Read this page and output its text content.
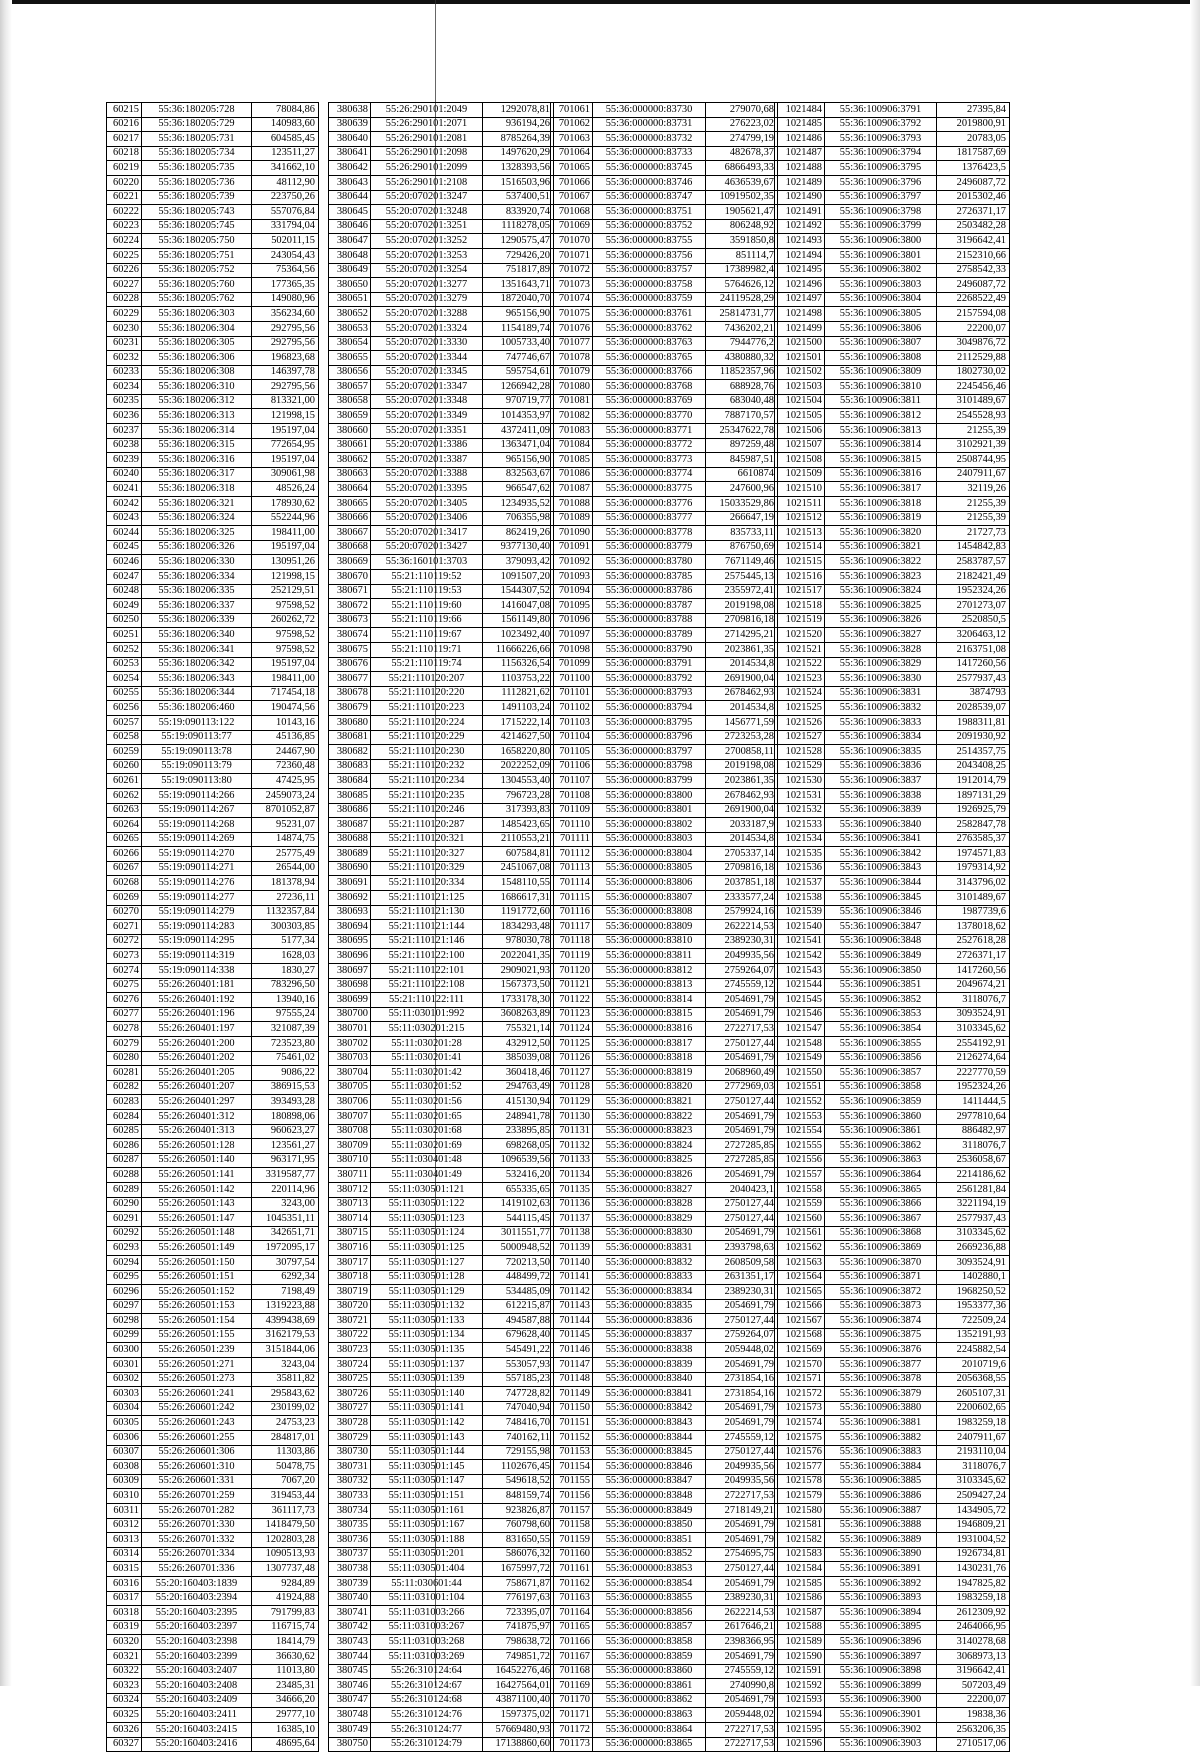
60215	55:36:180205:728	78084,86
60216	55:36:180205:729	140983,60
60217	55:36:180205:731	604585,45
60218	55:36:180205:734	123511,27
60219	55:36:180205:735	341662,10
60220	55:36:180205:736	48112,90
60221	55:36:180205:739	223750,26
60222	55:36:180205:743	557076,84
60223	55:36:180205:745	331794,04
60224	55:36:180205:750	502011,15
60225	55:36:180205:751	243054,43
60226	55:36:180205:752	75364,56
60227	55:36:180205:760	177365,35
60228	55:36:180205:762	149080,96
60229	55:36:180206:303	356234,60
60230	55:36:180206:304	292795,56
60231	55:36:180206:305	292795,56
60232	55:36:180206:306	196823,68
60233	55:36:180206:308	146397,78
60234	55:36:180206:310	292795,56
60235	55:36:180206:312	813321,00
60236	55:36:180206:313	121998,15
60237	55:36:180206:314	195197,04
60238	55:36:180206:315	772654,95
60239	55:36:180206:316	195197,04
60240	55:36:180206:317	309061,98
60241	55:36:180206:318	48526,24
60242	55:36:180206:321	178930,62
60243	55:36:180206:324	552244,96
60244	55:36:180206:325	198411,00
60245	55:36:180206:326	195197,04
60246	55:36:180206:330	130951,26
60247	55:36:180206:334	121998,15
60248	55:36:180206:335	252129,51
60249	55:36:180206:337	97598,52
60250	55:36:180206:339	260262,72
60251	55:36:180206:340	97598,52
60252	55:36:180206:341	97598,52
60253	55:36:180206:342	195197,04
60254	55:36:180206:343	198411,00
60255	55:36:180206:344	717454,18
60256	55:36:180206:460	190474,56
60257	55:19:090113:122	10143,16
60258	55:19:090113:77	45136,85
60259	55:19:090113:78	24467,90
60260	55:19:090113:79	72360,48
60261	55:19:090113:80	47425,95
60262	55:19:090114:266	2459073,24
60263	55:19:090114:267	8701052,87
60264	55:19:090114:268	95231,07
60265	55:19:090114:269	14874,75
60266	55:19:090114:270	25775,49
60267	55:19:090114:271	26544,00
60268	55:19:090114:276	181378,94
60269	55:19:090114:277	27236,11
60270	55:19:090114:279	1132357,84
60271	55:19:090114:283	300303,85
60272	55:19:090114:295	5177,34
60273	55:19:090114:319	1628,03
60274	55:19:090114:338	1830,27
60275	55:26:260401:181	783296,50
60276	55:26:260401:192	13940,16
60277	55:26:260401:196	97555,24
60278	55:26:260401:197	321087,39
60279	55:26:260401:200	723523,80
60280	55:26:260401:202	75461,02
60281	55:26:260401:205	9086,22
60282	55:26:260401:207	386915,53
60283	55:26:260401:297	393493,28
60284	55:26:260401:312	180898,06
60285	55:26:260401:313	960623,27
60286	55:26:260501:128	123561,27
60287	55:26:260501:140	963171,95
60288	55:26:260501:141	3319587,77
60289	55:26:260501:142	220114,96
60290	55:26:260501:143	3243,00
60291	55:26:260501:147	1045351,11
60292	55:26:260501:148	342651,71
60293	55:26:260501:149	1972095,17
60294	55:26:260501:150	30797,54
60295	55:26:260501:151	6292,34
60296	55:26:260501:152	7198,49
60297	55:26:260501:153	1319223,88
60298	55:26:260501:154	4399438,69
60299	55:26:260501:155	3162179,53
60300	55:26:260501:239	3151844,06
60301	55:26:260501:271	3243,04
60302	55:26:260501:273	35811,82
60303	55:26:260601:241	295843,62
60304	55:26:260601:242	230199,02
60305	55:26:260601:243	24753,23
60306	55:26:260601:255	284817,01
60307	55:26:260601:306	11303,86
60308	55:26:260601:310	50478,75
60309	55:26:260601:331	7067,20
60310	55:26:260701:259	319453,44
60311	55:26:260701:282	361117,73
60312	55:26:260701:330	1418479,50
60313	55:26:260701:332	1202803,28
60314	55:26:260701:334	1090513,93
60315	55:26:260701:336	1307737,48
60316	55:20:160403:1839	9284,89
60317	55:20:160403:2394	41924,88
60318	55:20:160403:2395	791799,83
60319	55:20:160403:2397	116715,74
60320	55:20:160403:2398	18414,79
60321	55:20:160403:2399	36630,62
60322	55:20:160403:2407	11013,80
60323	55:20:160403:2408	23485,31
60324	55:20:160403:2409	34666,20
60325	55:20:160403:2411	29777,10
60326	55:20:160403:2415	16385,10
60327	55:20:160403:2416	48695,64
380638	55:26:290101:2049	1292078,81
380639	55:26:290101:2071	936194,26
380640	55:26:290101:2081	8785264,39
380641	55:26:290101:2098	1497620,29
380642	55:26:290101:2099	1328393,56
380643	55:26:290101:2108	1516503,96
380644	55:20:070201:3247	537400,51
380645	55:20:070201:3248	833920,74
380646	55:20:070201:3251	1118278,05
380647	55:20:070201:3252	1290575,47
380648	55:20:070201:3253	729426,20
380649	55:20:070201:3254	751817,89
380650	55:20:070201:3277	1351643,71
380651	55:20:070201:3279	1872040,70
380652	55:20:070201:3288	965156,90
380653	55:20:070201:3324	1154189,74
380654	55:20:070201:3330	1005733,40
380655	55:20:070201:3344	747746,67
380656	55:20:070201:3345	595754,61
380657	55:20:070201:3347	1266942,28
380658	55:20:070201:3348	970719,77
380659	55:20:070201:3349	1014353,97
380660	55:20:070201:3351	4372411,09
380661	55:20:070201:3386	1363471,04
380662	55:20:070201:3387	965156,90
380663	55:20:070201:3388	832563,67
380664	55:20:070201:3395	966547,62
380665	55:20:070201:3405	1234935,52
380666	55:20:070201:3406	706355,98
380667	55:20:070201:3417	862419,26
380668	55:20:070201:3427	9377130,40
380669	55:36:160101:3703	379093,42
380670	55:21:110119:52	1091507,20
380671	55:21:110119:53	1544307,52
380672	55:21:110119:60	1416047,08
380673	55:21:110119:66	1561149,80
380674	55:21:110119:67	1023492,40
380675	55:21:110119:71	11666226,66
380676	55:21:110119:74	1156326,54
380677	55:21:110120:207	1103753,22
380678	55:21:110120:220	1112821,62
380679	55:21:110120:223	1491103,24
380680	55:21:110120:224	1715222,14
380681	55:21:110120:229	4214627,50
380682	55:21:110120:230	1658220,80
380683	55:21:110120:232	2022252,09
380684	55:21:110120:234	1304553,40
380685	55:21:110120:235	796723,28
380686	55:21:110120:246	317393,83
380687	55:21:110120:287	1485423,65
380688	55:21:110120:321	2110553,21
380689	55:21:110120:327	607584,81
380690	55:21:110120:329	2451067,08
380691	55:21:110120:334	1548110,55
380692	55:21:110121:125	1686617,31
380693	55:21:110121:130	1191772,60
380694	55:21:110121:144	1834293,48
380695	55:21:110121:146	978030,78
380696	55:21:110122:100	2022041,35
380697	55:21:110122:101	2909021,93
380698	55:21:110122:108	1567373,50
380699	55:21:110122:111	1733178,30
380700	55:11:030101:992	3608263,89
380701	55:11:030201:215	755321,14
380702	55:11:030201:28	432912,50
380703	55:11:030201:41	385039,08
380704	55:11:030201:42	360418,46
380705	55:11:030201:52	294763,49
380706	55:11:030201:56	415130,94
380707	55:11:030201:65	248941,78
380708	55:11:030201:68	233895,85
380709	55:11:030201:69	698268,05
380710	55:11:030401:48	1096539,56
380711	55:11:030401:49	532416,20
380712	55:11:030501:121	655335,65
380713	55:11:030501:122	1419102,63
380714	55:11:030501:123	544115,45
380715	55:11:030501:124	3011551,77
380716	55:11:030501:125	5000948,52
380717	55:11:030501:127	720213,50
380718	55:11:030501:128	448499,72
380719	55:11:030501:129	534485,09
380720	55:11:030501:132	612215,87
380721	55:11:030501:133	494587,88
380722	55:11:030501:134	679628,40
380723	55:11:030501:135	545491,22
380724	55:11:030501:137	553057,93
380725	55:11:030501:139	557185,23
380726	55:11:030501:140	747728,82
380727	55:11:030501:141	747040,94
380728	55:11:030501:142	748416,70
380729	55:11:030501:143	740162,11
380730	55:11:030501:144	729155,98
380731	55:11:030501:145	1102676,45
380732	55:11:030501:147	549618,52
380733	55:11:030501:151	848159,74
380734	55:11:030501:161	923826,87
380735	55:11:030501:167	760798,60
380736	55:11:030501:188	831650,55
380737	55:11:030501:201	586076,32
380738	55:11:030501:404	1675997,72
380739	55:11:030601:44	758671,87
380740	55:11:031001:104	776197,63
380741	55:11:031003:266	723395,07
380742	55:11:031003:267	741875,97
380743	55:11:031003:268	798638,72
380744	55:11:031003:269	749851,72
380745	55:26:310124:64	16452276,46
380746	55:26:310124:67	16427564,01
380747	55:26:310124:68	43871100,40
380748	55:26:310124:76	1597375,02
380749	55:26:310124:77	57669480,93
380750	55:26:310124:79	17138860,60
701061	55:36:000000:83730	279070,68
701062	55:36:000000:83731	276223,02
701063	55:36:000000:83732	274799,19
701064	55:36:000000:83733	482678,37
701065	55:36:000000:83745	6866493,33
701066	55:36:000000:83746	4636539,67
701067	55:36:000000:83747	10919502,35
701068	55:36:000000:83751	1905621,47
701069	55:36:000000:83752	806248,92
701070	55:36:000000:83755	3591850,8
701071	55:36:000000:83756	851114,7
701072	55:36:000000:83757	17389982,4
701073	55:36:000000:83758	5764626,12
701074	55:36:000000:83759	24119528,29
701075	55:36:000000:83761	25814731,77
701076	55:36:000000:83762	7436202,21
701077	55:36:000000:83763	7944776,2
701078	55:36:000000:83765	4380880,32
701079	55:36:000000:83766	11852357,96
701080	55:36:000000:83768	688928,76
701081	55:36:000000:83769	683040,48
701082	55:36:000000:83770	7887170,57
701083	55:36:000000:83771	25347622,78
701084	55:36:000000:83772	897259,48
701085	55:36:000000:83773	845987,51
701086	55:36:000000:83774	6610874
701087	55:36:000000:83775	247600,96
701088	55:36:000000:83776	15033529,86
701089	55:36:000000:83777	266647,19
701090	55:36:000000:83778	835733,11
701091	55:36:000000:83779	876750,69
701092	55:36:000000:83780	7671149,46
701093	55:36:000000:83785	2575445,13
701094	55:36:000000:83786	2355972,41
701095	55:36:000000:83787	2019198,08
701096	55:36:000000:83788	2709816,18
701097	55:36:000000:83789	2714295,21
701098	55:36:000000:83790	2023861,35
701099	55:36:000000:83791	2014534,8
701100	55:36:000000:83792	2691900,04
701101	55:36:000000:83793	2678462,93
701102	55:36:000000:83794	2014534,8
701103	55:36:000000:83795	1456771,59
701104	55:36:000000:83796	2723253,28
701105	55:36:000000:83797	2700858,11
701106	55:36:000000:83798	2019198,08
701107	55:36:000000:83799	2023861,35
701108	55:36:000000:83800	2678462,93
701109	55:36:000000:83801	2691900,04
701110	55:36:000000:83802	2033187,9
701111	55:36:000000:83803	2014534,8
701112	55:36:000000:83804	2705337,14
701113	55:36:000000:83805	2709816,18
701114	55:36:000000:83806	2037851,18
701115	55:36:000000:83807	2333577,24
701116	55:36:000000:83808	2579924,16
701117	55:36:000000:83809	2622214,53
701118	55:36:000000:83810	2389230,31
701119	55:36:000000:83811	2049935,56
701120	55:36:000000:83812	2759264,07
701121	55:36:000000:83813	2745559,12
701122	55:36:000000:83814	2054691,79
701123	55:36:000000:83815	2054691,79
701124	55:36:000000:83816	2722717,53
701125	55:36:000000:83817	2750127,44
701126	55:36:000000:83818	2054691,79
701127	55:36:000000:83819	2068960,49
701128	55:36:000000:83820	2772969,03
701129	55:36:000000:83821	2750127,44
701130	55:36:000000:83822	2054691,79
701131	55:36:000000:83823	2054691,79
701132	55:36:000000:83824	2727285,85
701133	55:36:000000:83825	2727285,85
701134	55:36:000000:83826	2054691,79
701135	55:36:000000:83827	2040423,1
701136	55:36:000000:83828	2750127,44
701137	55:36:000000:83829	2750127,44
701138	55:36:000000:83830	2054691,79
701139	55:36:000000:83831	2393798,63
701140	55:36:000000:83832	2608509,58
701141	55:36:000000:83833	2631351,17
701142	55:36:000000:83834	2389230,31
701143	55:36:000000:83835	2054691,79
701144	55:36:000000:83836	2750127,44
701145	55:36:000000:83837	2759264,07
701146	55:36:000000:83838	2059448,02
701147	55:36:000000:83839	2054691,79
701148	55:36:000000:83840	2731854,16
701149	55:36:000000:83841	2731854,16
701150	55:36:000000:83842	2054691,79
701151	55:36:000000:83843	2054691,79
701152	55:36:000000:83844	2745559,12
701153	55:36:000000:83845	2750127,44
701154	55:36:000000:83846	2049935,56
701155	55:36:000000:83847	2049935,56
701156	55:36:000000:83848	2722717,53
701157	55:36:000000:83849	2718149,21
701158	55:36:000000:83850	2054691,79
701159	55:36:000000:83851	2054691,79
701160	55:36:000000:83852	2754695,75
701161	55:36:000000:83853	2750127,44
701162	55:36:000000:83854	2054691,79
701163	55:36:000000:83855	2389230,31
701164	55:36:000000:83856	2622214,53
701165	55:36:000000:83857	2617646,21
701166	55:36:000000:83858	2398366,95
701167	55:36:000000:83859	2054691,79
701168	55:36:000000:83860	2745559,12
701169	55:36:000000:83861	2740990,8
701170	55:36:000000:83862	2054691,79
701171	55:36:000000:83863	2059448,02
701172	55:36:000000:83864	2722717,53
701173	55:36:000000:83865	2722717,53
1021484	55:36:100906:3791	27395,84
1021485	55:36:100906:3792	2019800,91
1021486	55:36:100906:3793	20783,05
1021487	55:36:100906:3794	1817587,69
1021488	55:36:100906:3795	1376423,5
1021489	55:36:100906:3796	2496087,72
1021490	55:36:100906:3797	2015302,46
1021491	55:36:100906:3798	2726371,17
1021492	55:36:100906:3799	2503482,28
1021493	55:36:100906:3800	3196642,41
1021494	55:36:100906:3801	2152310,66
1021495	55:36:100906:3802	2758542,33
1021496	55:36:100906:3803	2496087,72
1021497	55:36:100906:3804	2268522,49
1021498	55:36:100906:3805	2157594,08
1021499	55:36:100906:3806	22200,07
1021500	55:36:100906:3807	3049876,72
1021501	55:36:100906:3808	2112529,88
1021502	55:36:100906:3809	1802730,02
1021503	55:36:100906:3810	2245456,46
1021504	55:36:100906:3811	3101489,67
1021505	55:36:100906:3812	2545528,93
1021506	55:36:100906:3813	21255,39
1021507	55:36:100906:3814	3102921,39
1021508	55:36:100906:3815	2508744,95
1021509	55:36:100906:3816	2407911,67
1021510	55:36:100906:3817	32119,26
1021511	55:36:100906:3818	21255,39
1021512	55:36:100906:3819	21255,39
1021513	55:36:100906:3820	21727,73
1021514	55:36:100906:3821	1454842,83
1021515	55:36:100906:3822	2583787,57
1021516	55:36:100906:3823	2182421,49
1021517	55:36:100906:3824	1952324,26
1021518	55:36:100906:3825	2701273,07
1021519	55:36:100906:3826	2520850,5
1021520	55:36:100906:3827	3206463,12
1021521	55:36:100906:3828	2163751,08
1021522	55:36:100906:3829	1417260,56
1021523	55:36:100906:3830	2577937,43
1021524	55:36:100906:3831	3874793
1021525	55:36:100906:3832	2028539,07
1021526	55:36:100906:3833	1988311,81
1021527	55:36:100906:3834	2091930,92
1021528	55:36:100906:3835	2514357,75
1021529	55:36:100906:3836	2043408,25
1021530	55:36:100906:3837	1912014,79
1021531	55:36:100906:3838	1897131,29
1021532	55:36:100906:3839	1926925,79
1021533	55:36:100906:3840	2582847,78
1021534	55:36:100906:3841	2763585,37
1021535	55:36:100906:3842	1974571,83
1021536	55:36:100906:3843	1979314,92
1021537	55:36:100906:3844	3143796,02
1021538	55:36:100906:3845	3101489,67
1021539	55:36:100906:3846	1987739,6
1021540	55:36:100906:3847	1378018,62
1021541	55:36:100906:3848	2527618,28
1021542	55:36:100906:3849	2726371,17
1021543	55:36:100906:3850	1417260,56
1021544	55:36:100906:3851	2049674,21
1021545	55:36:100906:3852	3118076,7
1021546	55:36:100906:3853	3093524,91
1021547	55:36:100906:3854	3103345,62
1021548	55:36:100906:3855	2554192,91
1021549	55:36:100906:3856	2126274,64
1021550	55:36:100906:3857	2227770,59
1021551	55:36:100906:3858	1952324,26
1021552	55:36:100906:3859	1411444,5
1021553	55:36:100906:3860	2977810,64
1021554	55:36:100906:3861	886482,97
1021555	55:36:100906:3862	3118076,7
1021556	55:36:100906:3863	2536058,67
1021557	55:36:100906:3864	2214186,62
1021558	55:36:100906:3865	2561281,84
1021559	55:36:100906:3866	3221194,19
1021560	55:36:100906:3867	2577937,43
1021561	55:36:100906:3868	3103345,62
1021562	55:36:100906:3869	2669236,88
1021563	55:36:100906:3870	3093524,91
1021564	55:36:100906:3871	1402880,1
1021565	55:36:100906:3872	1968250,52
1021566	55:36:100906:3873	1953377,36
1021567	55:36:100906:3874	722509,24
1021568	55:36:100906:3875	1352191,93
1021569	55:36:100906:3876	2245882,54
1021570	55:36:100906:3877	2010719,6
1021571	55:36:100906:3878	2056368,55
1021572	55:36:100906:3879	2605107,31
1021573	55:36:100906:3880	2200602,65
1021574	55:36:100906:3881	1983259,18
1021575	55:36:100906:3882	2407911,67
1021576	55:36:100906:3883	2193110,04
1021577	55:36:100906:3884	3118076,7
1021578	55:36:100906:3885	3103345,62
1021579	55:36:100906:3886	2509427,24
1021580	55:36:100906:3887	1434905,72
1021581	55:36:100906:3888	1946809,21
1021582	55:36:100906:3889	1931004,52
1021583	55:36:100906:3890	1926734,81
1021584	55:36:100906:3891	1430231,76
1021585	55:36:100906:3892	1947825,82
1021586	55:36:100906:3893	1983259,18
1021587	55:36:100906:3894	2612309,92
1021588	55:36:100906:3895	2464066,95
1021589	55:36:100906:3896	3140278,68
1021590	55:36:100906:3897	3068973,13
1021591	55:36:100906:3898	3196642,41
1021592	55:36:100906:3899	507203,49
1021593	55:36:100906:3900	22200,07
1021594	55:36:100906:3901	19838,36
1021595	55:36:100906:3902	2563206,35
1021596	55:36:100906:3903	2710517,06
